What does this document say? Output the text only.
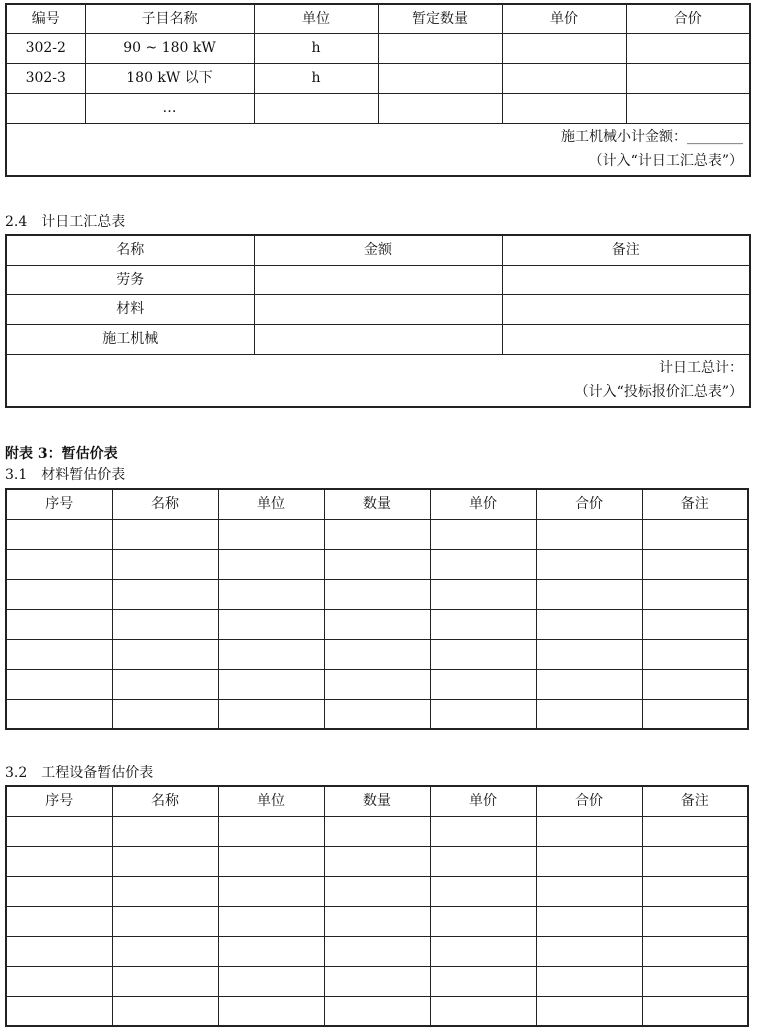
编号	子目名称	单位	暂定数量	单价	合价
302-2	90 ~ 180 kW	h			
302-3	180 kW 以下	h			
	…				

施工机械小计金额：________
（计入“计日工汇总表”）					
2.4　计日工汇总表
名称	金额	备注
劳务		
材料		
施工机械		

计日工总计：
（计入“投标报价汇总表”）		
附表 3：暂估价表
3.1　材料暂估价表
序号	名称	单位	数量	单价	合价	备注

3.2　工程设备暂估价表
序号	名称	单位	数量	单价	合价	备注
